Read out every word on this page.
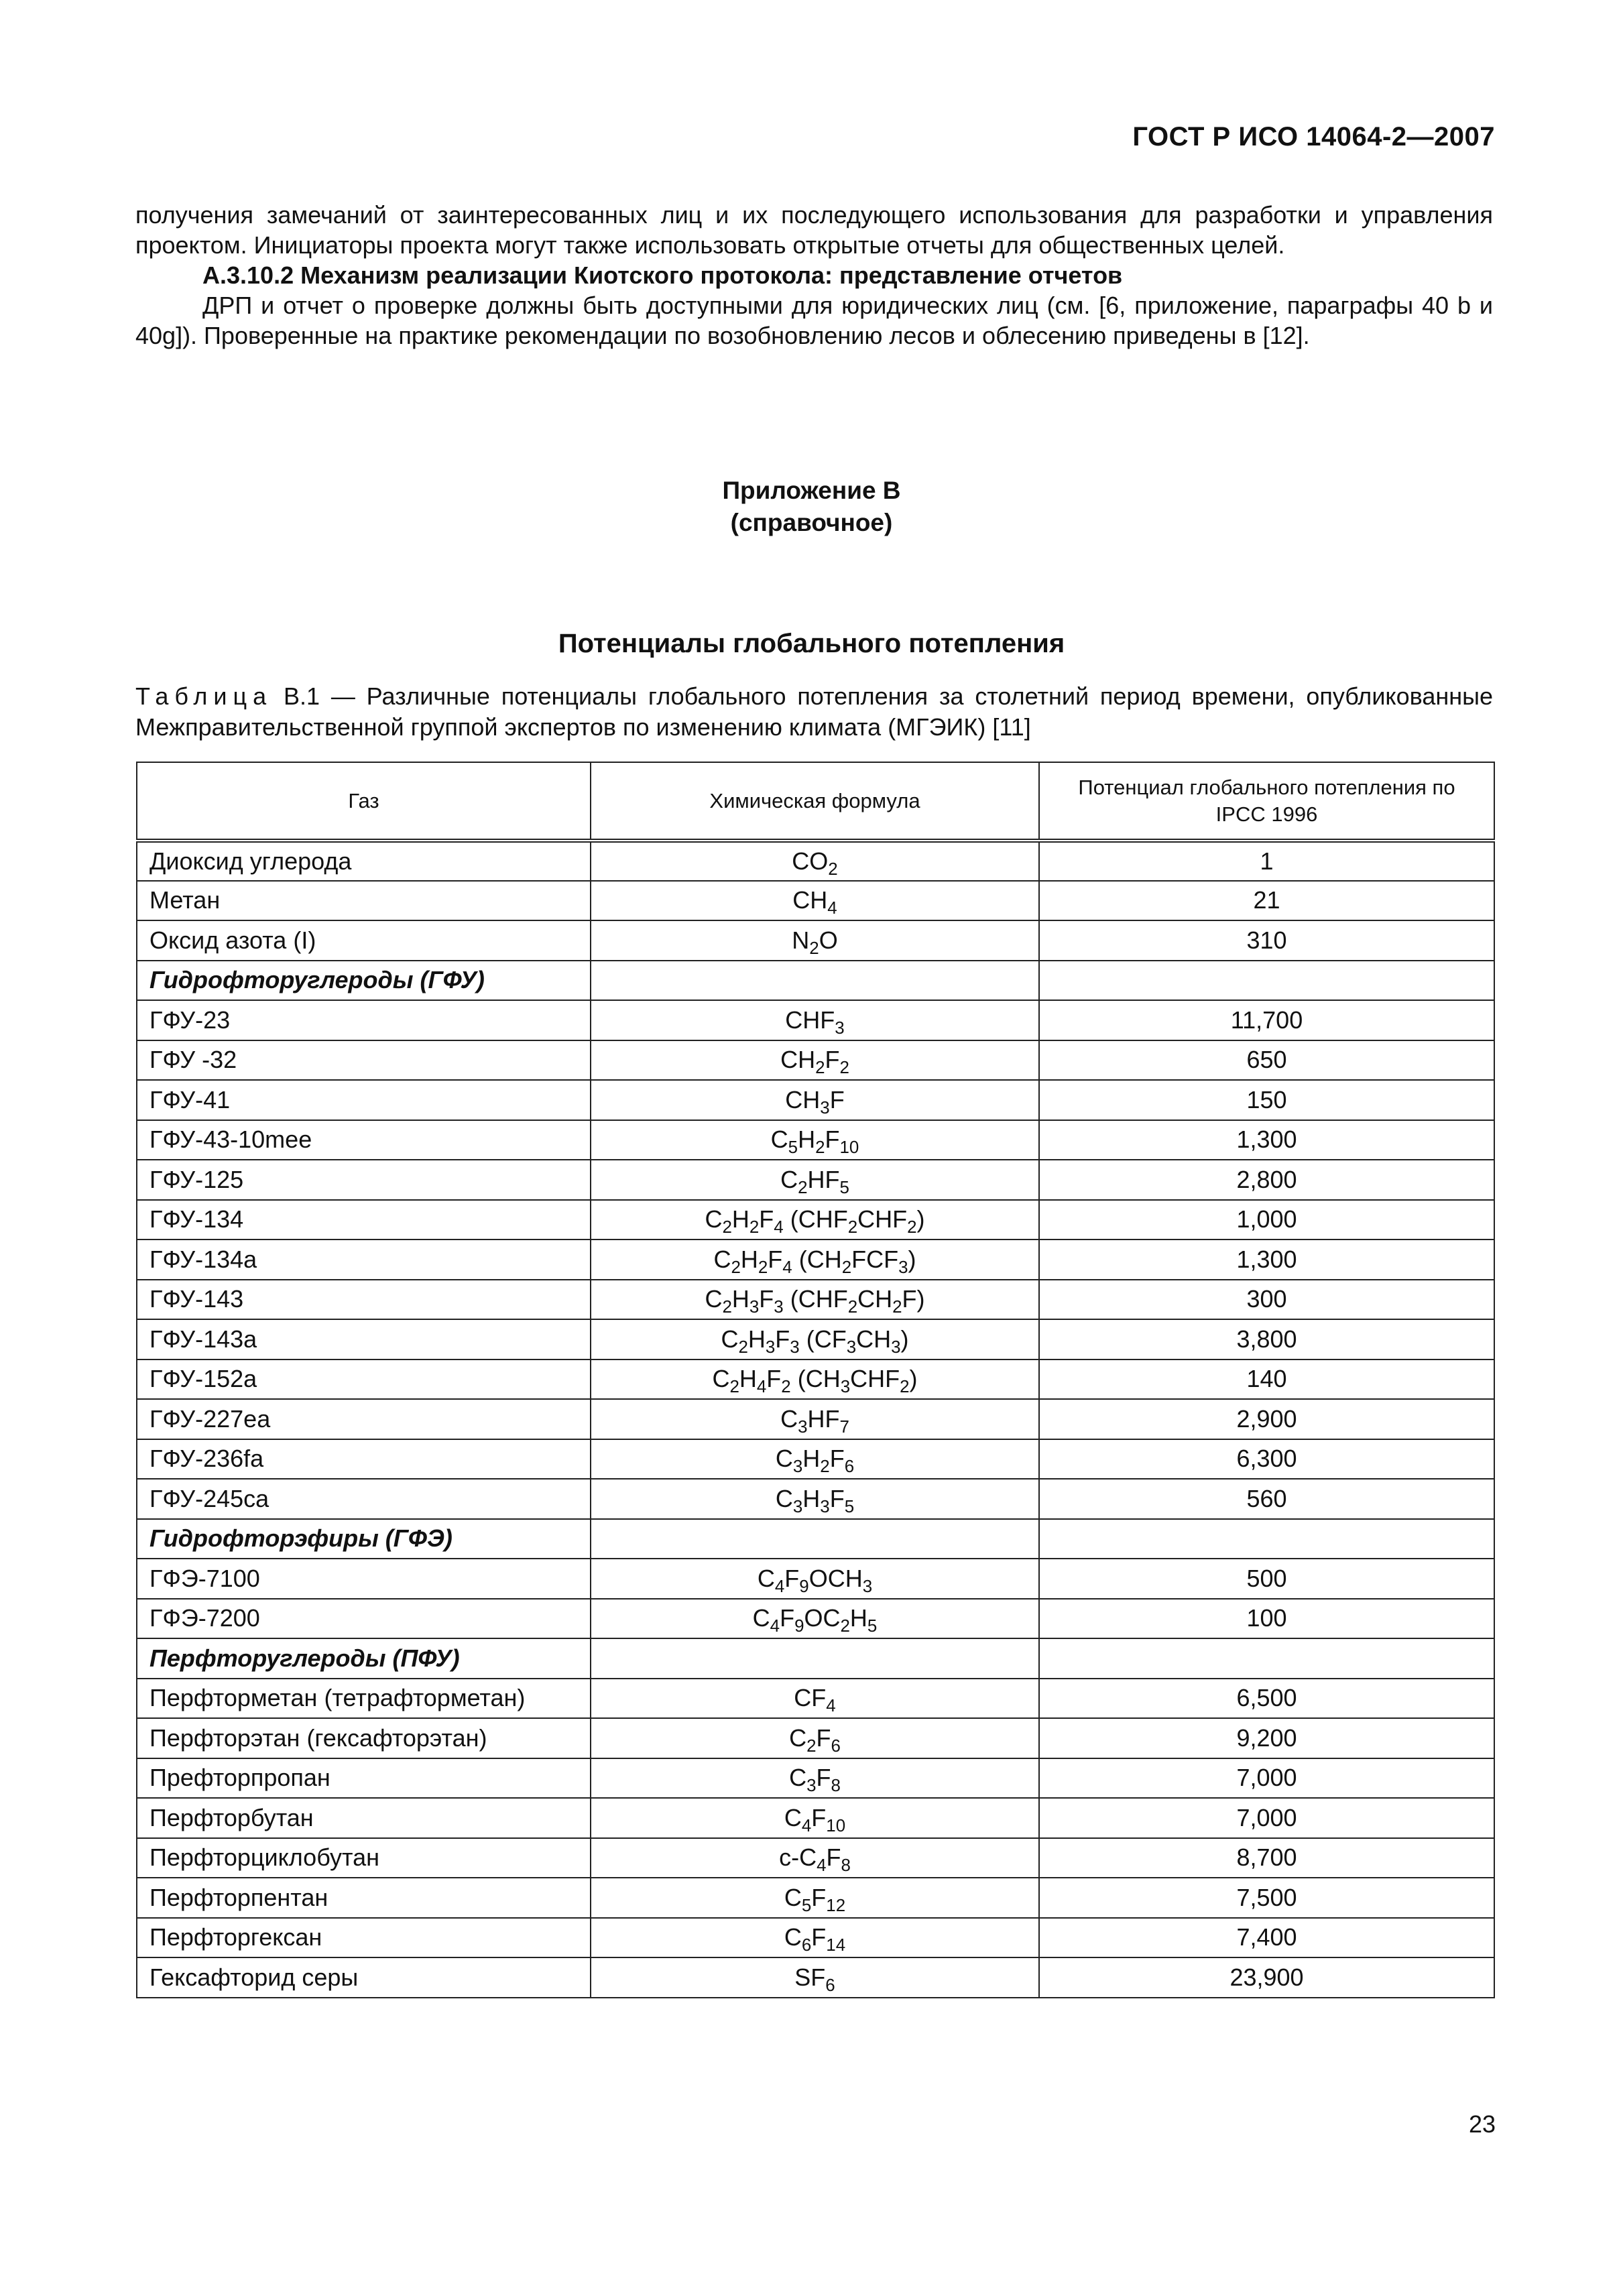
ГОСТ Р ИСО 14064-2—2007

получения замечаний от заинтересованных лиц и их последующего использования для разработки и управления проектом. Инициаторы проекта могут также использовать открытые отчеты для общественных целей.

А.3.10.2 Механизм реализации Киотского протокола: представление отчетов

ДРП и отчет о проверке должны быть доступными для юридических лиц (см. [6, приложение, параграфы 40 b и 40g]). Проверенные на практике рекомендации по возобновлению лесов и облесению приведены в [12].

Приложение В
(справочное)
Потенциалы глобального потепления

Таблица В.1 — Различные потенциалы глобального потепления за столетний период времени, опубликованные Межправительственной группой экспертов по изменению климата (МГЭИК) [11]

Газ	Химическая формула	Потенциал глобального потепления по IPCC 1996
Диоксид углерода	$CO_2$	1
Метан	$CH_4$	21
Оксид азота (I)	$N_2O$	310
Гидрофторуглероды (ГФУ)		
ГФУ-23	$CHF_3$	11,700
ГФУ -32	$CH_2F_2$	650
ГФУ-41	$CH_3F$	150
ГФУ-43-10mee	$C_5H_2F_{10}$	1,300
ГФУ-125	$C_2HF_5$	2,800
ГФУ-134	$C_2H_2F_4$ $(CHF_2CHF_2)$	1,000
ГФУ-134а	$C_2H_2F_4$ $(CH_2FCF_3)$	1,300
ГФУ-143	$C_2H_3F_3$ $(CHF_2CH_2F)$	300
ГФУ-143а	$C_2H_3F_3$ $(CF_3CH_3)$	3,800
ГФУ-152а	$C_2H_4F_2$ $(CH_3CHF_2)$	140
ГФУ-227еа	$C_3HF_7$	2,900
ГФУ-236fa	$C_3H_2F_6$	6,300
ГФУ-245са	$C_3H_3F_5$	560
Гидрофторэфиры (ГФЭ)		
ГФЭ-7100	$C_4F_9OCH_3$	500
ГФЭ-7200	$C_4F_9OC_2H_5$	100
Перфторуглероды (ПФУ)		
Перфторметан (тетрафторметан)	$CF_4$	6,500
Перфторэтан (гексафторэтан)	$C_2F_6$	9,200
Префторпропан	$C_3F_8$	7,000
Перфторбутан	$C_4F_{10}$	7,000
Перфторциклобутан	$c-C_4F_8$	8,700
Перфторпентан	$C_5F_{12}$	7,500
Перфторгексан	$C_6F_{14}$	7,400
Гексафторид серы	$SF_6$	23,900
23
